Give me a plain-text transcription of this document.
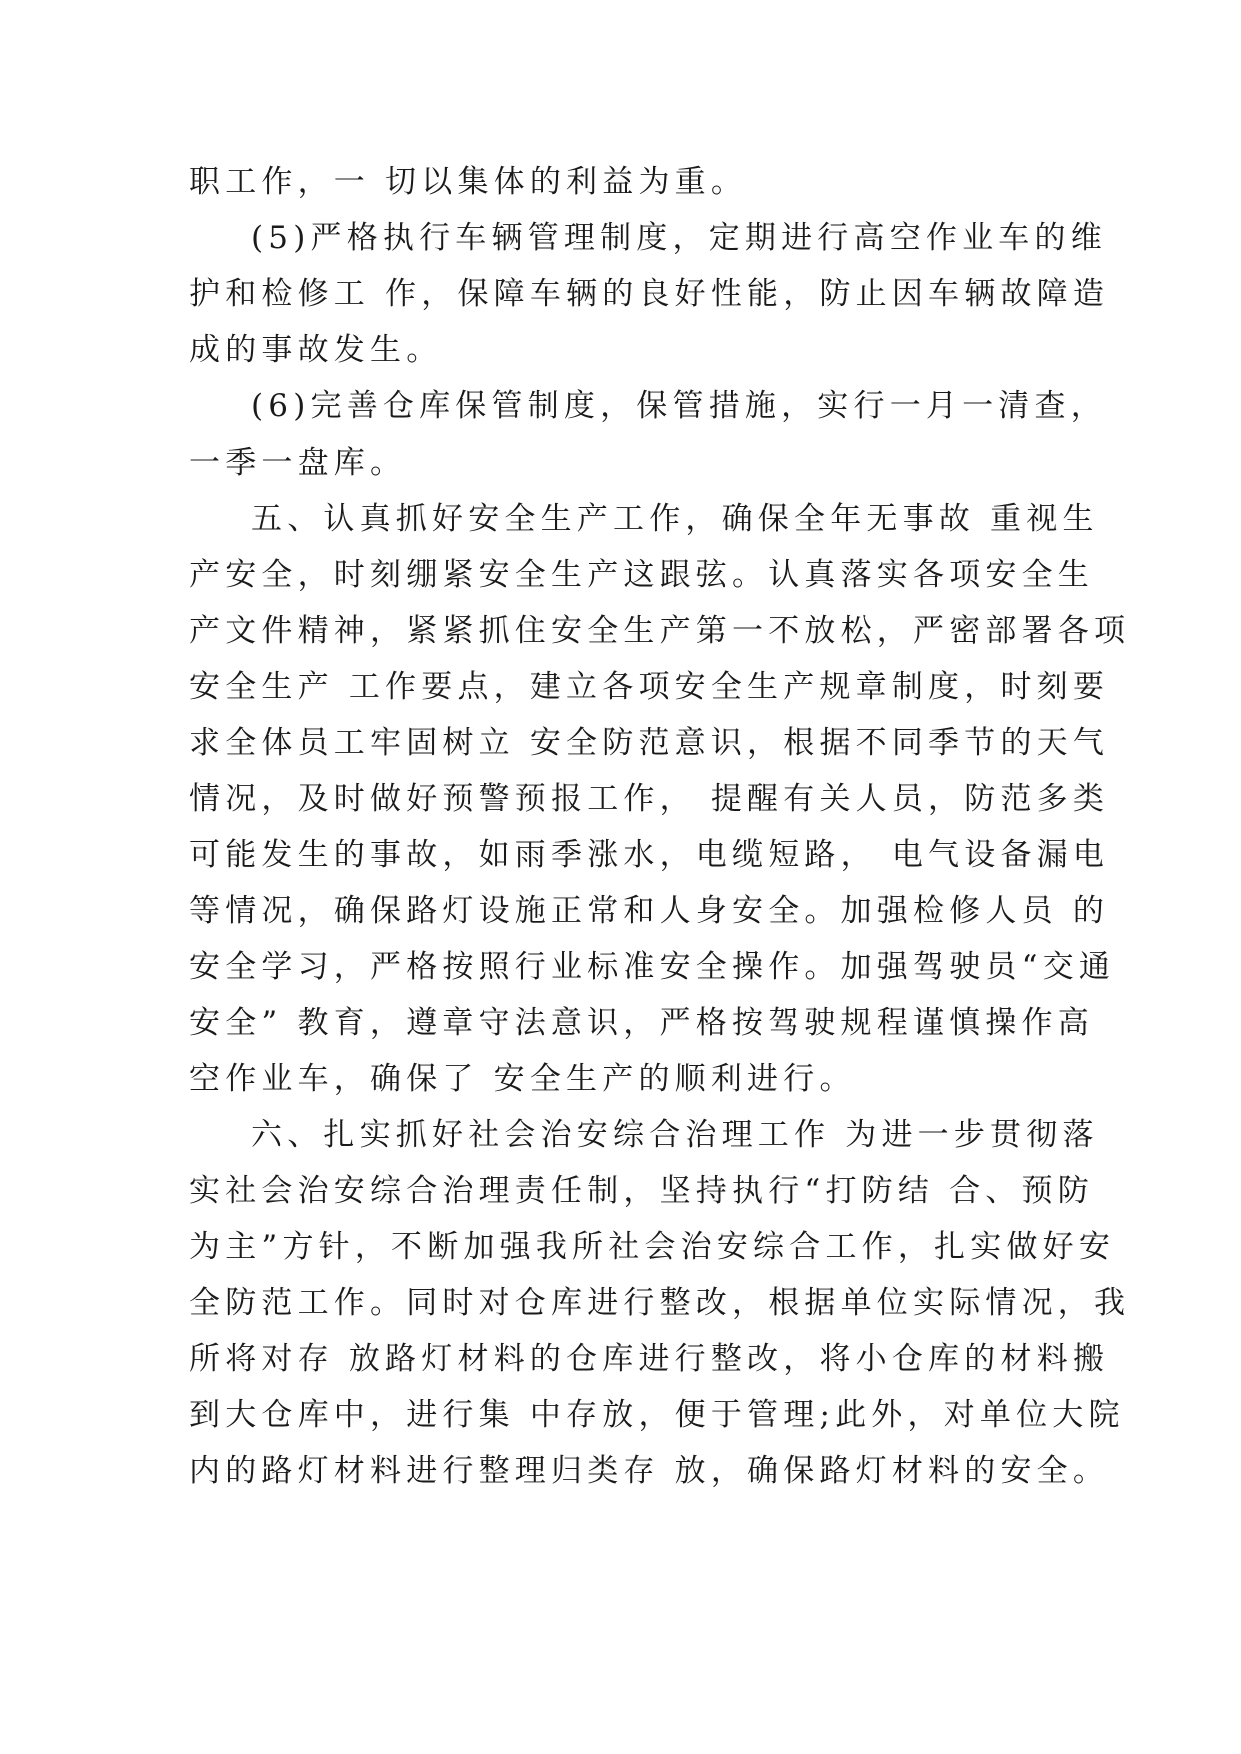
职工作，一 切以集体的利益为重。
(5)严格执行车辆管理制度，定期进行高空作业车的维
护和检修工 作，保障车辆的良好性能，防止因车辆故障造
成的事故发生。
(6)完善仓库保管制度，保管措施，实行一月一清查，
一季一盘库。
五、认真抓好安全生产工作，确保全年无事故 重视生
产安全，时刻绷紧安全生产这跟弦。认真落实各项安全生
产文件精神，紧紧抓住安全生产第一不放松，严密部署各项
安全生产 工作要点，建立各项安全生产规章制度，时刻要
求全体员工牢固树立 安全防范意识，根据不同季节的天气
情况，及时做好预警预报工作， 提醒有关人员，防范多类
可能发生的事故，如雨季涨水，电缆短路， 电气设备漏电
等情况，确保路灯设施正常和人身安全。加强检修人员 的
安全学习，严格按照行业标准安全操作。加强驾驶员“交通
安全” 教育，遵章守法意识，严格按驾驶规程谨慎操作高
空作业车，确保了 安全生产的顺利进行。
六、扎实抓好社会治安综合治理工作 为进一步贯彻落
实社会治安综合治理责任制，坚持执行“打防结 合、预防
为主”方针，不断加强我所社会治安综合工作，扎实做好安
全防范工作。同时对仓库进行整改，根据单位实际情况，我
所将对存 放路灯材料的仓库进行整改，将小仓库的材料搬
到大仓库中，进行集 中存放，便于管理;此外，对单位大院
内的路灯材料进行整理归类存 放，确保路灯材料的安全。
